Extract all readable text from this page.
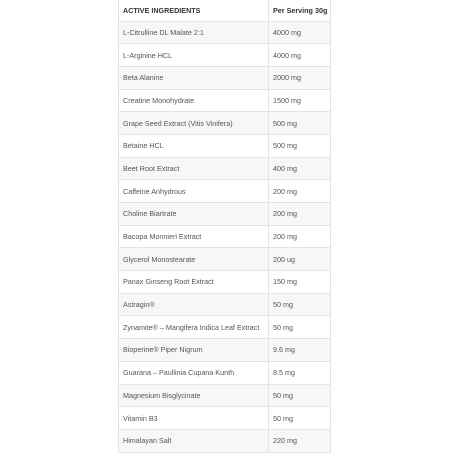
ACTIVE INGREDIENTS	Per Serving 30g
L-Citrulline DL Malate 2:1	4000 mg
L-Arginine HCL	4000 mg
Beta Alanine	2000 mg
Creatine Monohydrate	1500 mg
Grape Seed Extract (Vitis Vinifera)	500 mg
Betaine HCL	500 mg
Beet Root Extract	400 mg
Caffeine Anhydrous	200 mg
Choline Biartrate	200 mg
Bacopa Monnieri Extract	200 mg
Glycerol Monostearate	200 ug
Panax Ginseng Root Extract	150 mg
Astragin®	50 mg
Zynamite® – Mangifera Indica Leaf Extract	50 mg
Bioperine® Piper Nigrum	9.6 mg
Guarana – Paullinia Cupana Kunth	8.5 mg
Magnesium Bisglycinate	50 mg
Vitamin B3	50 mg
Himalayan Salt	220 mg
